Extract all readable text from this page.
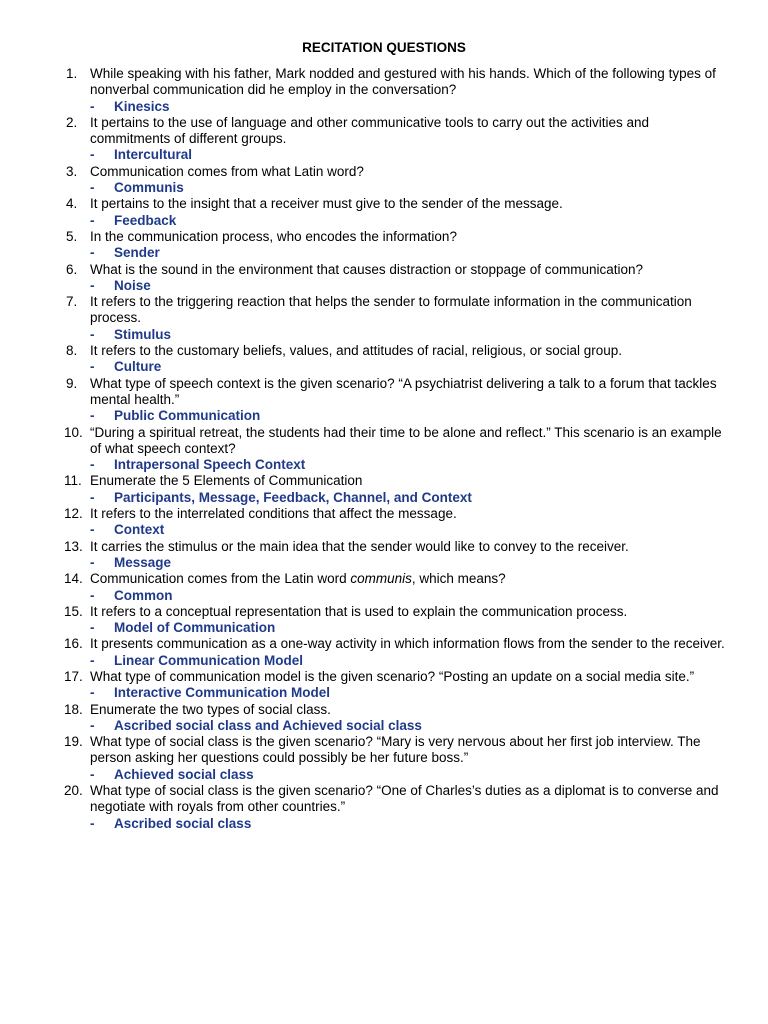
RECITATION QUESTIONS
1. While speaking with his father, Mark nodded and gestured with his hands. Which of the following types of nonverbal communication did he employ in the conversation?

-	Kinesics

2. It pertains to the use of language and other communicative tools to carry out the activities and commitments of different groups.

-	Intercultural

3. Communication comes from what Latin word?

-	Communis

4. It pertains to the insight that a receiver must give to the sender of the message.

-	Feedback

5. In the communication process, who encodes the information?

-	Sender

6. What is the sound in the environment that causes distraction or stoppage of communication?

-	Noise

7. It refers to the triggering reaction that helps the sender to formulate information in the communication process.

-	Stimulus

8. It refers to the customary beliefs, values, and attitudes of racial, religious, or social group.

-	Culture

9. What type of speech context is the given scenario? “A psychiatrist delivering a talk to a forum that tackles mental health.”

-	Public Communication

10. “During a spiritual retreat, the students had their time to be alone and reflect.” This scenario is an example of what speech context?

-	Intrapersonal Speech Context

11. Enumerate the 5 Elements of Communication

-	Participants, Message, Feedback, Channel, and Context

12. It refers to the interrelated conditions that affect the message.

-	Context

13. It carries the stimulus or the main idea that the sender would like to convey to the receiver.

-	Message

14. Communication comes from the Latin word communis, which means?

-	Common

15. It refers to a conceptual representation that is used to explain the communication process.

-	Model of Communication

16. It presents communication as a one-way activity in which information flows from the sender to the receiver.

-	Linear Communication Model

17. What type of communication model is the given scenario? “Posting an update on a social media site.”

-	Interactive Communication Model

18. Enumerate the two types of social class.

-	Ascribed social class and Achieved social class

19. What type of social class is the given scenario? “Mary is very nervous about her first job interview. The person asking her questions could possibly be her future boss.”

-	Achieved social class

20. What type of social class is the given scenario? “One of Charles’s duties as a diplomat is to converse and negotiate with royals from other countries.”

-	Ascribed social class
